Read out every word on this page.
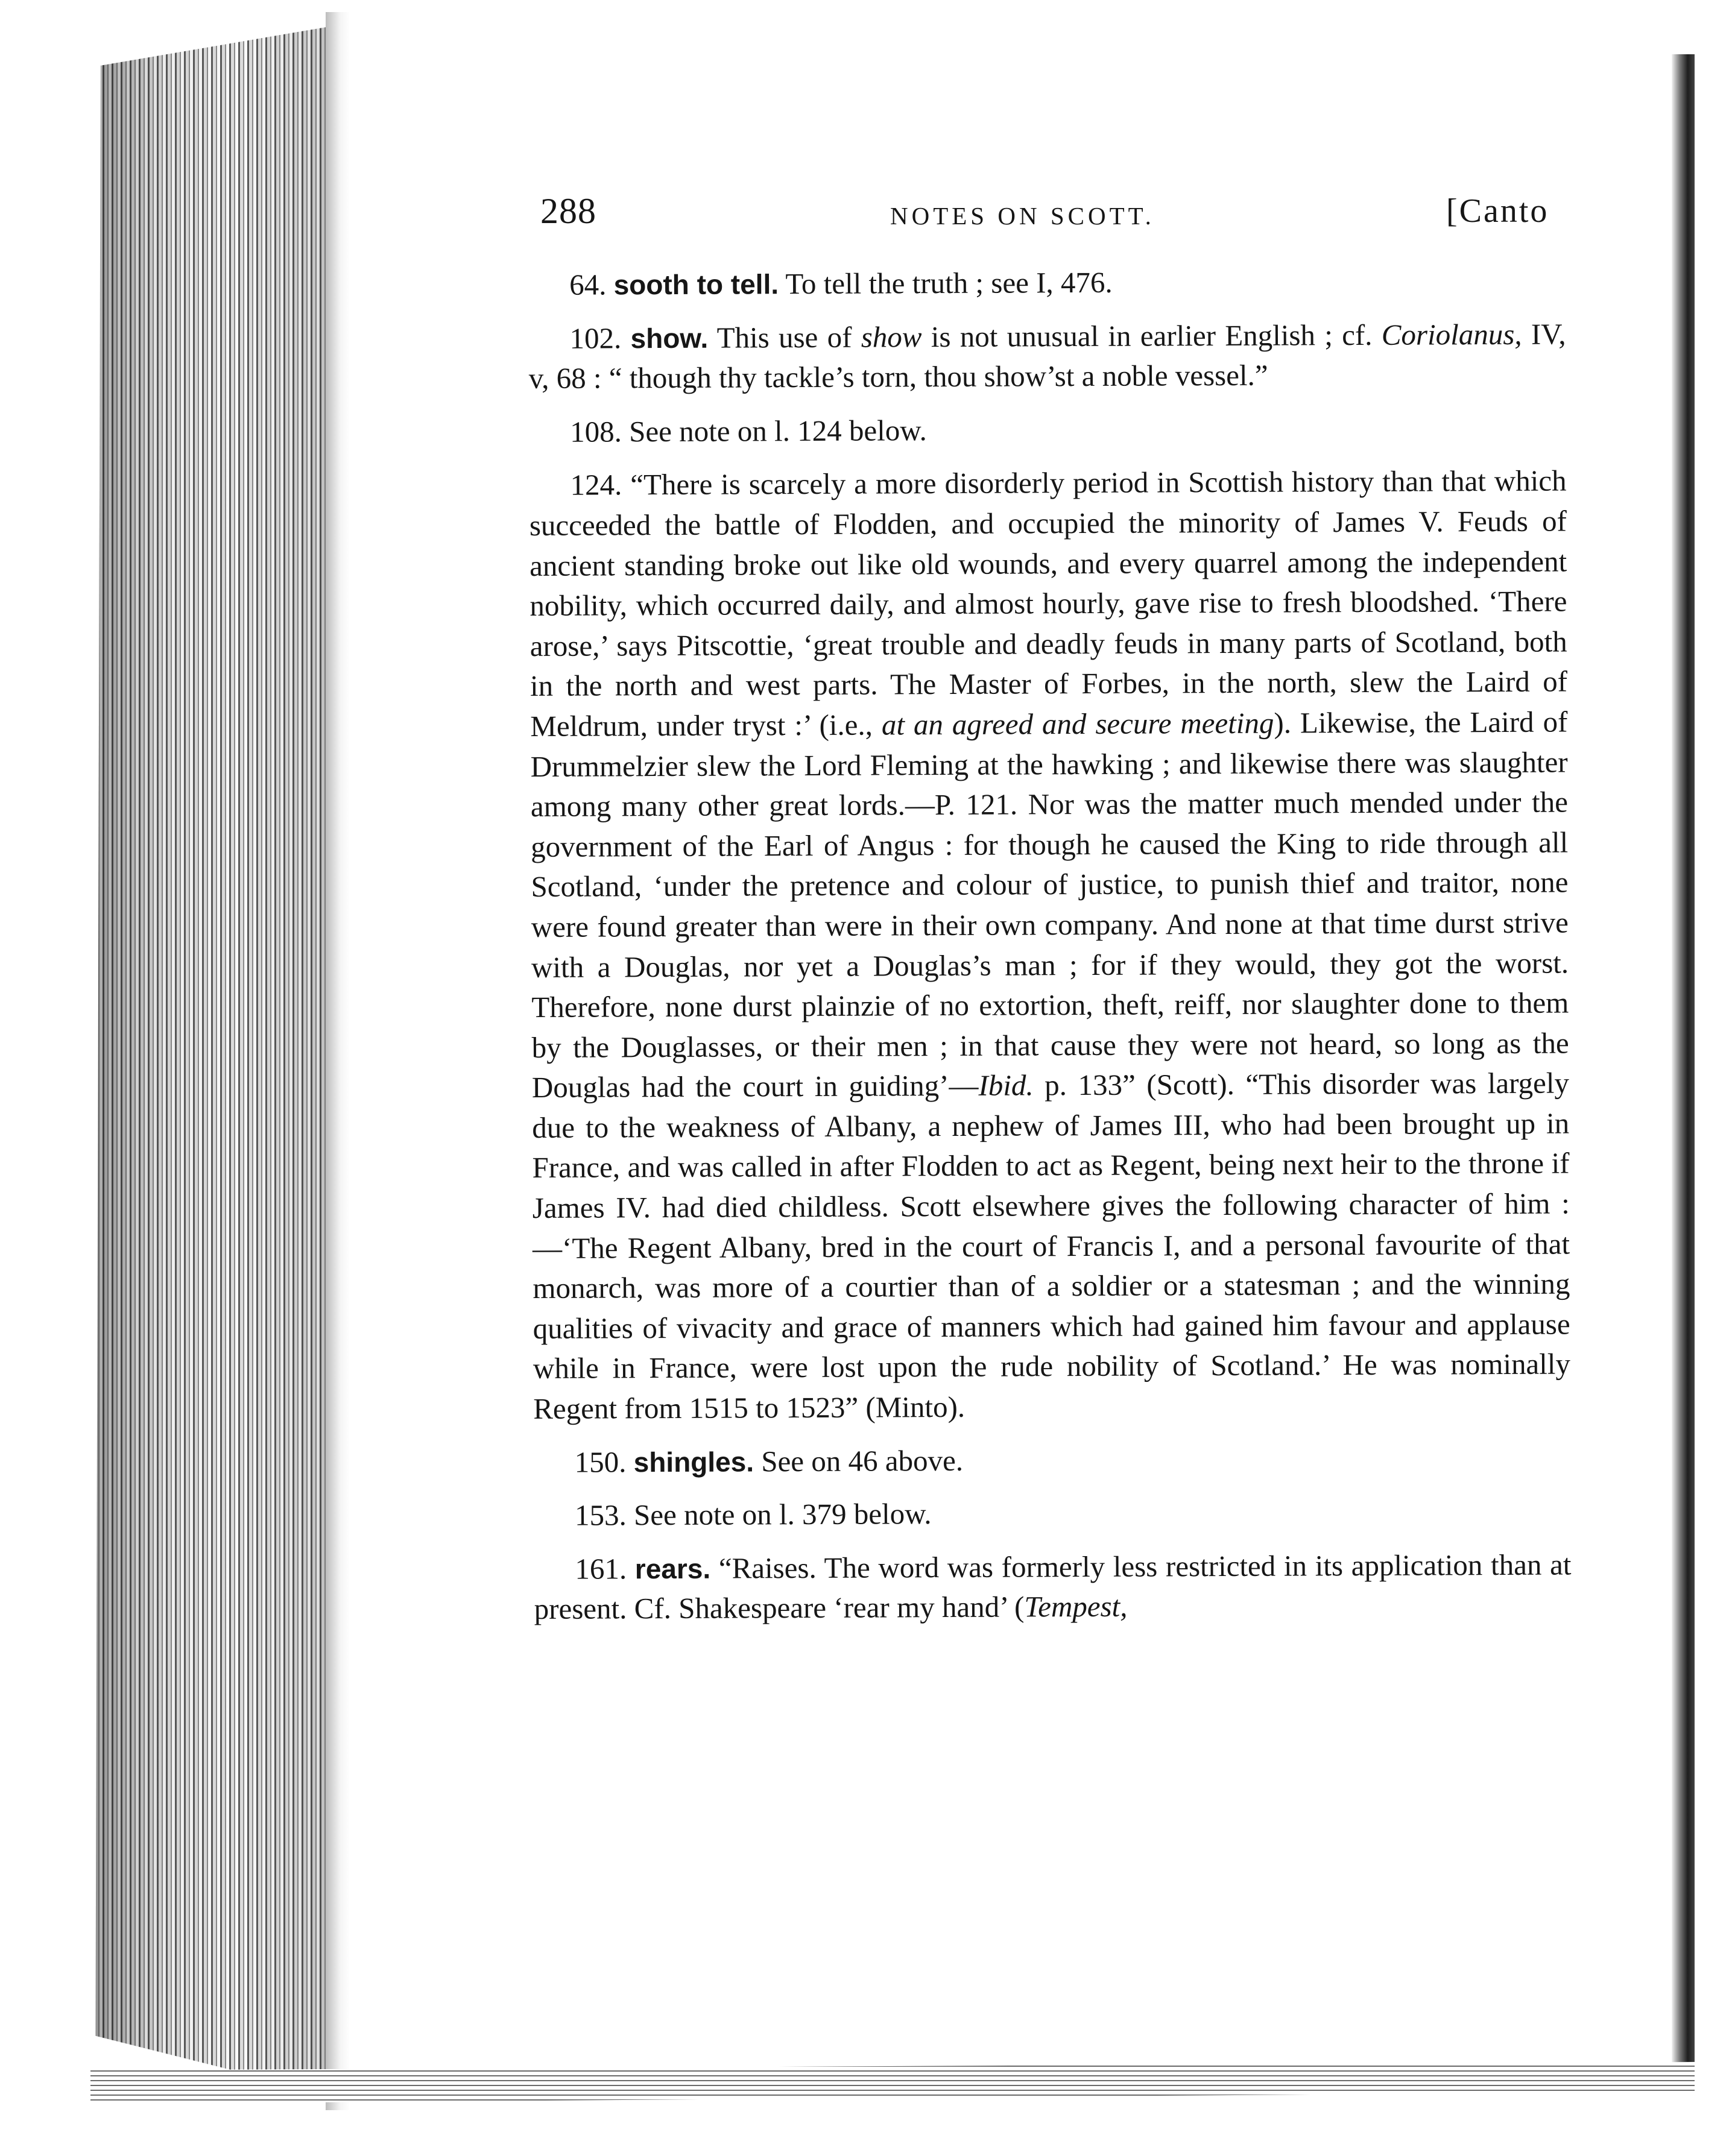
288	NOTES ON SCOTT.	[Canto

64. sooth to tell. To tell the truth ; see I, 476.

102. show. This use of show is not unusual in earlier English ; cf. Coriolanus, IV, v, 68 : “ though thy tackle’s torn, thou show’st a noble vessel.”

108. See note on l. 124 below.

124. “There is scarcely a more disorderly period in Scottish history than that which succeeded the battle of Flodden, and occupied the minority of James V. Feuds of ancient standing broke out like old wounds, and every quarrel among the independent nobility, which occurred daily, and almost hourly, gave rise to fresh bloodshed. ‘There arose,’ says Pitscottie, ‘great trouble and deadly feuds in many parts of Scotland, both in the north and west parts. The Master of Forbes, in the north, slew the Laird of Meldrum, under tryst :’ (i.e., at an agreed and secure meeting). Likewise, the Laird of Drummelzier slew the Lord Fleming at the hawking ; and likewise there was slaughter among many other great lords.—P. 121. Nor was the matter much mended under the government of the Earl of Angus : for though he caused the King to ride through all Scotland, ‘under the pretence and colour of justice, to punish thief and traitor, none were found greater than were in their own company. And none at that time durst strive with a Douglas, nor yet a Douglas’s man ; for if they would, they got the worst. Therefore, none durst plainzie of no extortion, theft, reiff, nor slaughter done to them by the Douglasses, or their men ; in that cause they were not heard, so long as the Douglas had the court in guiding’—Ibid. p. 133” (Scott). “This disorder was largely due to the weakness of Albany, a nephew of James III, who had been brought up in France, and was called in after Flodden to act as Regent, being next heir to the throne if James IV. had died childless. Scott elsewhere gives the following character of him :—‘The Regent Albany, bred in the court of Francis I, and a personal favourite of that monarch, was more of a courtier than of a soldier or a statesman ; and the winning qualities of vivacity and grace of manners which had gained him favour and applause while in France, were lost upon the rude nobility of Scotland.’ He was nominally Regent from 1515 to 1523” (Minto).

150. shingles. See on 46 above.

153. See note on l. 379 below.

161. rears. “Raises. The word was formerly less restricted in its application than at present. Cf. Shakespeare ‘rear my hand’ (Tempest,
